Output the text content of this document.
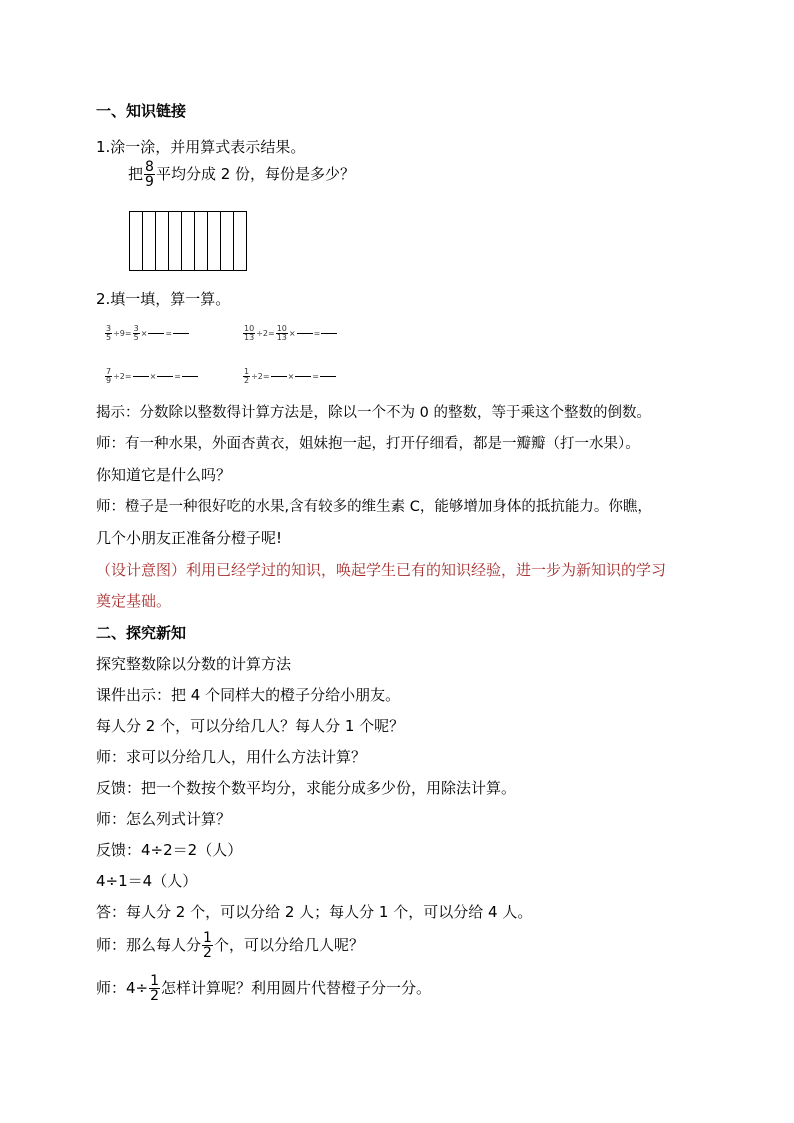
一、知识链接
1.涂一涂，并用算式表示结果。
把 $\frac{8}{9}$ 平均分成 2 份，每份是多少？
2.填一填，算一算。
$\frac{3}{5} \div 9= \frac{3}{5}$ × =	$\frac{10}{13} \div 2= \frac{10}{13}$ × =
$\frac{7}{9} \div 2=$ × =	$\frac{1}{2} \div 2=$ × =
揭示：分数除以整数得计算方法是，除以一个不为 0 的整数，等于乘这个整数的倒数。
师：有一种水果，外面杏黄衣，姐妹抱一起，打开仔细看，都是一瓣瓣（打一水果）。
你知道它是什么吗？
师：橙子是一种很好吃的水果,含有较多的维生素 C，能够增加身体的抵抗能力。你瞧，
几个小朋友正准备分橙子呢!
（设计意图）利用已经学过的知识，唤起学生已有的知识经验，进一步为新知识的学习
奠定基础。
二、探究新知
探究整数除以分数的计算方法
课件出示：把 4 个同样大的橙子分给小朋友。
每人分 2 个，可以分给几人？每人分 1 个呢？
师：求可以分给几人，用什么方法计算？
反馈：把一个数按个数平均分，求能分成多少份，用除法计算。
师：怎么列式计算？
反馈：4÷2＝2（人）
4÷1＝4（人）
答：每人分 2 个，可以分给 2 人；每人分 1 个，可以分给 4 人。
师：那么每人分 $\frac{1}{2}$ 个，可以分给几人呢？
师：$4\div \frac{1}{2}$ 怎样计算呢？利用圆片代替橙子分一分。
